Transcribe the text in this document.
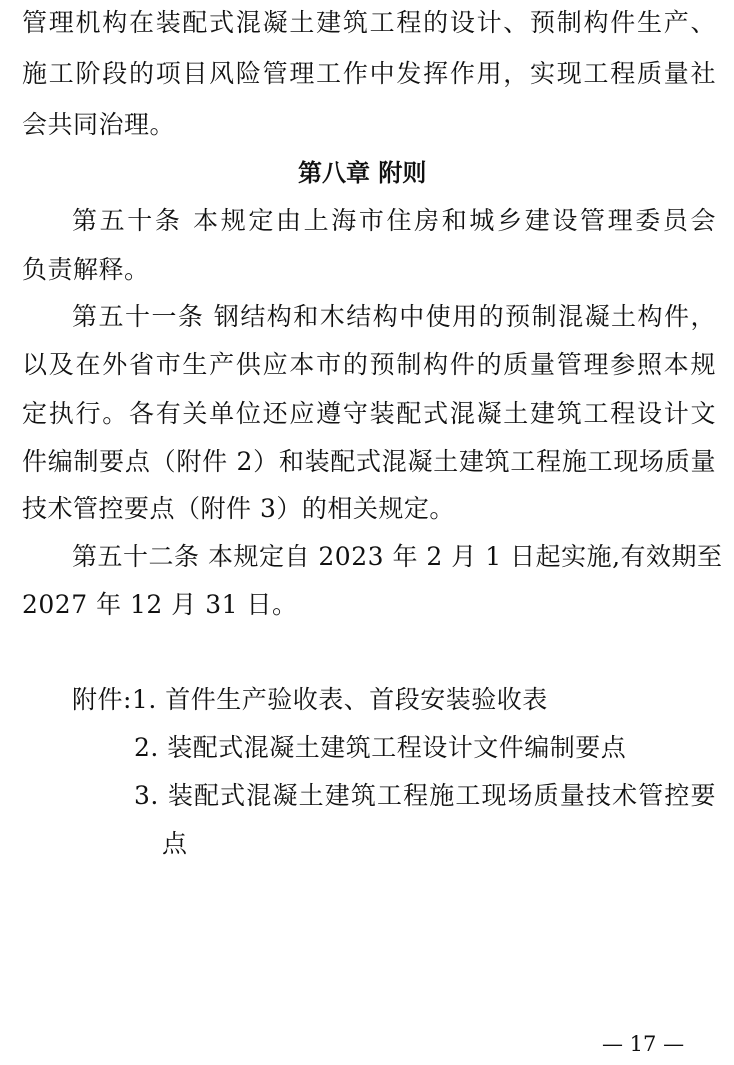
管理机构在装配式混凝土建筑工程的设计、预制构件生产、
施工阶段的项目风险管理工作中发挥作用，实现工程质量社
会共同治理。
第八章 附则
第五十条 本规定由上海市住房和城乡建设管理委员会
负责解释。
第五十一条 钢结构和木结构中使用的预制混凝土构件，
以及在外省市生产供应本市的预制构件的质量管理参照本规
定执行。各有关单位还应遵守装配式混凝土建筑工程设计文
件编制要点（附件 2）和装配式混凝土建筑工程施工现场质量
技术管控要点（附件 3）的相关规定。
第五十二条 本规定自 2023 年 2 月 1 日起实施,有效期至
2027 年 12 月 31 日。
附件:1. 首件生产验收表、首段安装验收表
2. 装配式混凝土建筑工程设计文件编制要点
3. 装配式混凝土建筑工程施工现场质量技术管控要
点
— 17 —
